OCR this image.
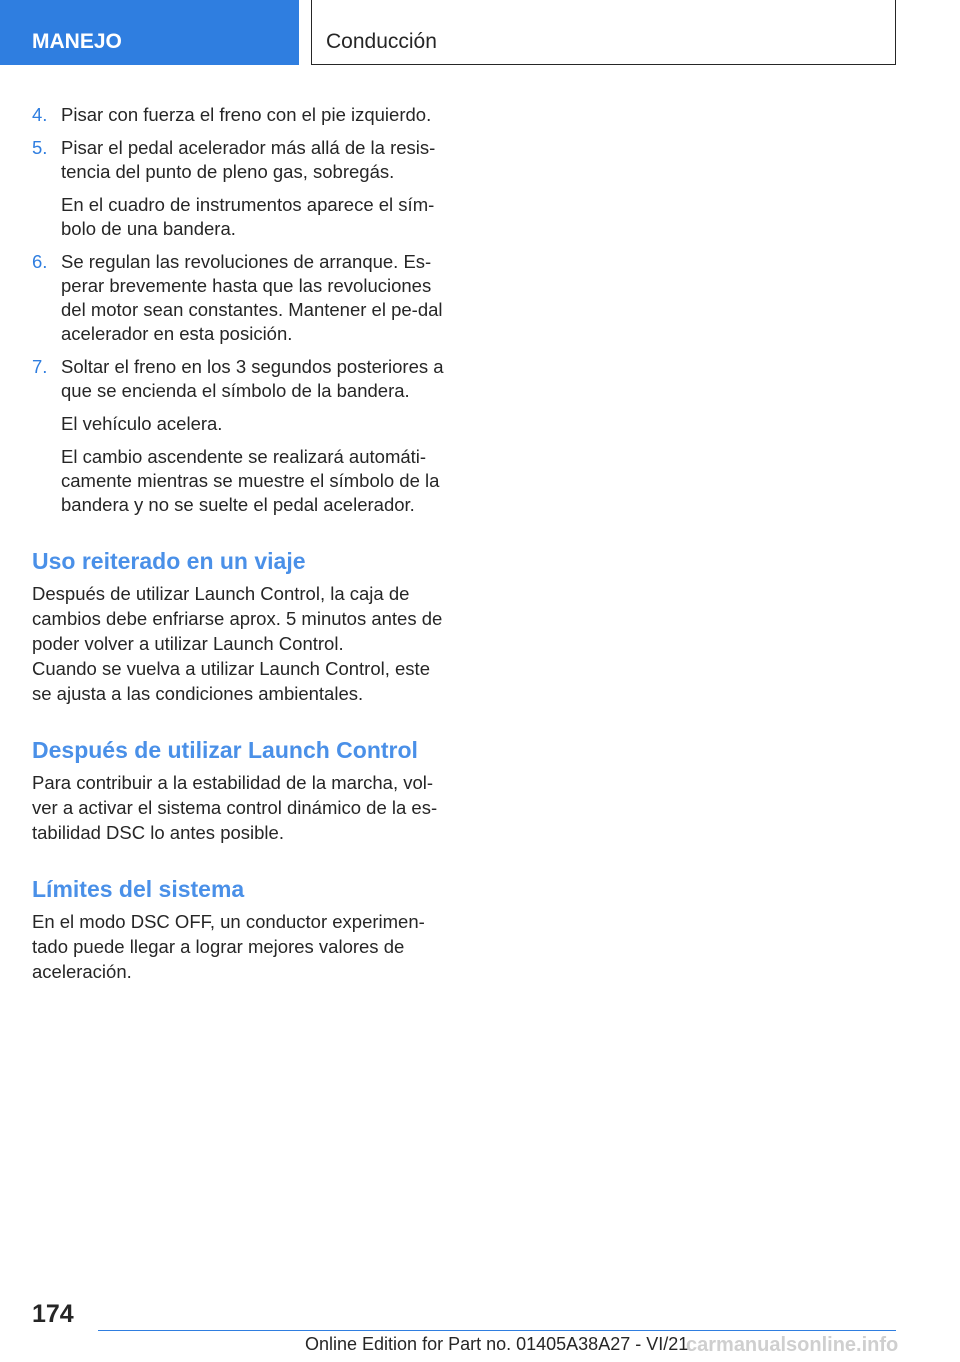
MANEJO	Conducción
4. Pisar con fuerza el freno con el pie izquierdo.

5. Pisar el pedal acelerador más allá de la resis-tencia del punto de pleno gas, sobregás.

En el cuadro de instrumentos aparece el sím-bolo de una bandera.

6. Se regulan las revoluciones de arranque. Es-perar brevemente hasta que las revoluciones del motor sean constantes. Mantener el pe-dal acelerador en esta posición.

7. Soltar el freno en los 3 segundos posteriores a que se encienda el símbolo de la bandera.

El vehículo acelera.

El cambio ascendente se realizará automáti-camente mientras se muestre el símbolo de la bandera y no se suelte el pedal acelerador.

Uso reiterado en un viaje

Después de utilizar Launch Control, la caja de cambios debe enfriarse aprox. 5 minutos antes de poder volver a utilizar Launch Control.

Cuando se vuelva a utilizar Launch Control, este se ajusta a las condiciones ambientales.

Después de utilizar Launch Control

Para contribuir a la estabilidad de la marcha, vol-ver a activar el sistema control dinámico de la es-tabilidad DSC lo antes posible.

Límites del sistema

En el modo DSC OFF, un conductor experimen-tado puede llegar a lograr mejores valores de aceleración.

174
Online Edition for Part no. 01405A38A27 - VI/21
carmanualsonline.info
